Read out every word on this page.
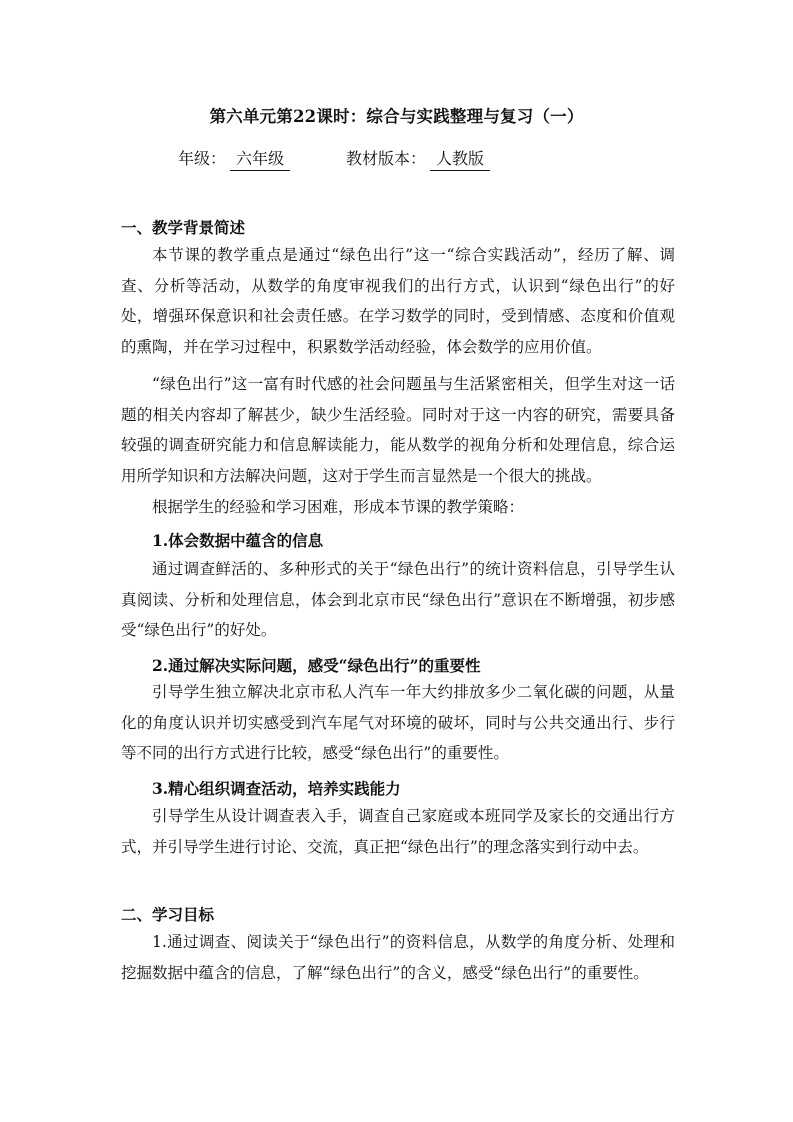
第六单元第22课时：综合与实践整理与复习（一）
年级： 六年级	教材版本： 人教版
一、教学背景简述

本节课的教学重点是通过“绿色出行”这一“综合实践活动”，经历了解、调查、分析等活动，从数学的角度审视我们的出行方式，认识到“绿色出行”的好处，增强环保意识和社会责任感。在学习数学的同时，受到情感、态度和价值观的熏陶，并在学习过程中，积累数学活动经验，体会数学的应用价值。

“绿色出行”这一富有时代感的社会问题虽与生活紧密相关，但学生对这一话题的相关内容却了解甚少，缺少生活经验。同时对于这一内容的研究，需要具备较强的调查研究能力和信息解读能力，能从数学的视角分析和处理信息，综合运用所学知识和方法解决问题，这对于学生而言显然是一个很大的挑战。

根据学生的经验和学习困难，形成本节课的教学策略：

1.体会数据中蕴含的信息

通过调查鲜活的、多种形式的关于“绿色出行”的统计资料信息，引导学生认真阅读、分析和处理信息，体会到北京市民“绿色出行”意识在不断增强，初步感受“绿色出行”的好处。

2.通过解决实际问题，感受“绿色出行”的重要性

引导学生独立解决北京市私人汽车一年大约排放多少二氧化碳的问题，从量化的角度认识并切实感受到汽车尾气对环境的破坏，同时与公共交通出行、步行等不同的出行方式进行比较，感受“绿色出行”的重要性。

3.精心组织调查活动，培养实践能力

引导学生从设计调查表入手，调查自己家庭或本班同学及家长的交通出行方式，并引导学生进行讨论、交流，真正把“绿色出行”的理念落实到行动中去。

二、学习目标

1.通过调查、阅读关于“绿色出行”的资料信息，从数学的角度分析、处理和挖掘数据中蕴含的信息，了解“绿色出行”的含义，感受“绿色出行”的重要性。
